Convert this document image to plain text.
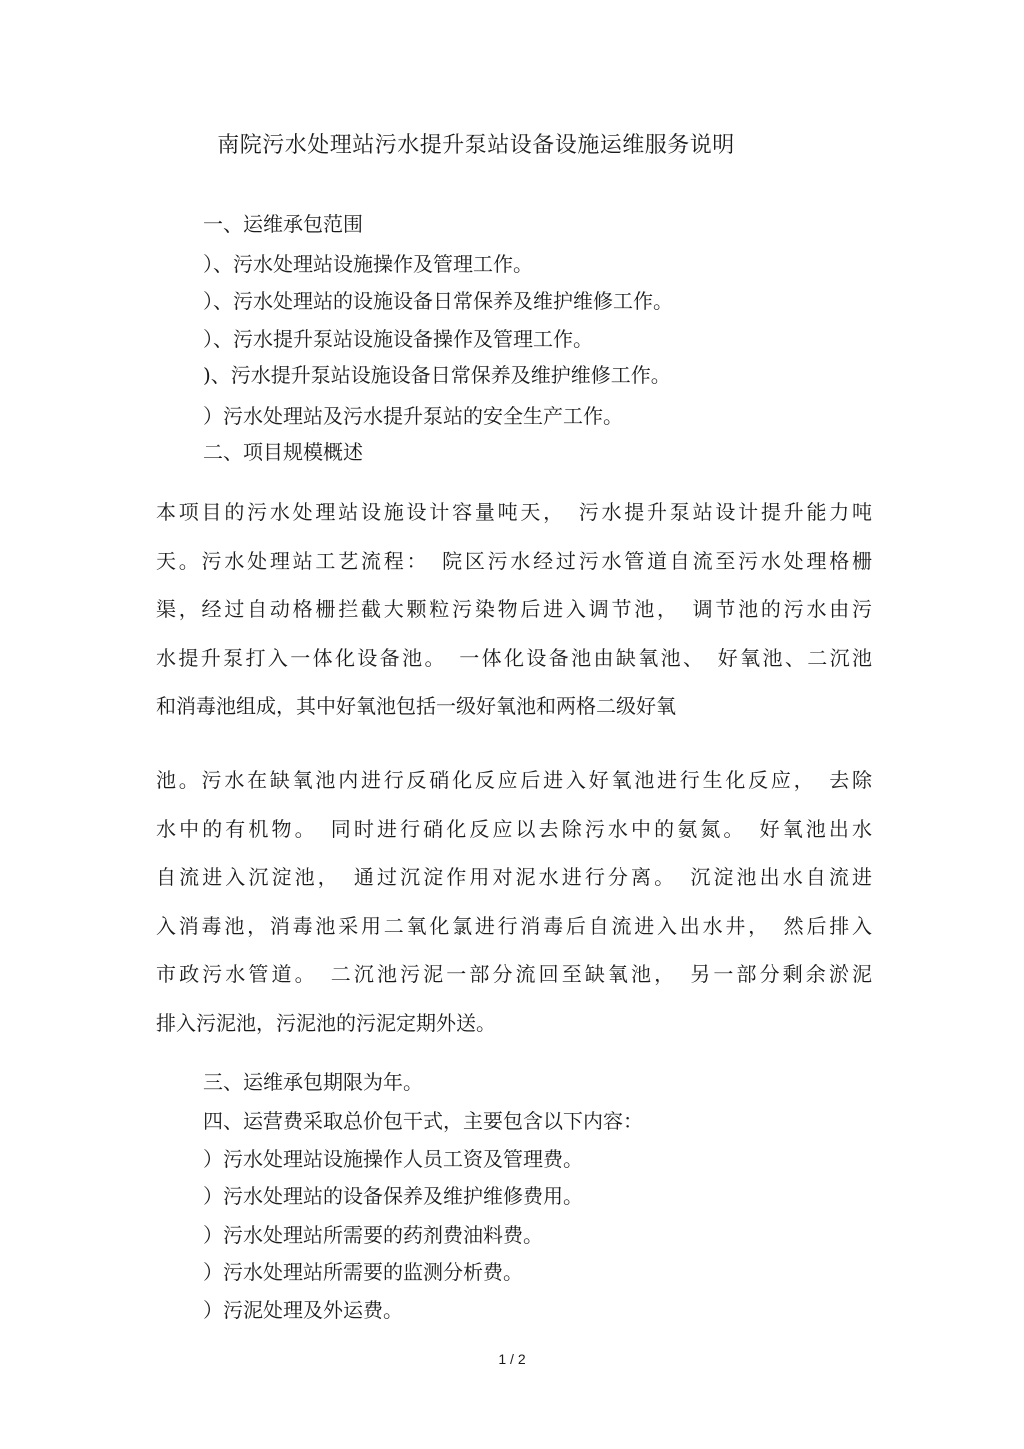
南院污水处理站污水提升泵站设备设施运维服务说明
一、运维承包范围
）、污水处理站设施操作及管理工作。
）、污水处理站的设施设备日常保养及维护维修工作。
）、污水提升泵站设施设备操作及管理工作。
)、污水提升泵站设施设备日常保养及维护维修工作。
）污水处理站及污水提升泵站的安全生产工作。
二、项目规模概述
本项目的污水处理站设施设计容量吨天，　污水提升泵站设计提升能力吨
天。污水处理站工艺流程：　院区污水经过污水管道自流至污水处理格栅
渠，经过自动格栅拦截大颗粒污染物后进入调节池，　调节池的污水由污
水提升泵打入一体化设备池。　一体化设备池由缺氧池、　好氧池、二沉池
和消毒池组成，其中好氧池包括一级好氧池和两格二级好氧
池。污水在缺氧池内进行反硝化反应后进入好氧池进行生化反应，　去除
水中的有机物。　同时进行硝化反应以去除污水中的氨氮。　好氧池出水
自流进入沉淀池，　通过沉淀作用对泥水进行分离。　沉淀池出水自流进
入消毒池，消毒池采用二氧化氯进行消毒后自流进入出水井，　然后排入
市政污水管道。　二沉池污泥一部分流回至缺氧池，　另一部分剩余淤泥
排入污泥池，污泥池的污泥定期外送。
三、运维承包期限为年。
四、运营费采取总价包干式，主要包含以下内容：
）污水处理站设施操作人员工资及管理费。
）污水处理站的设备保养及维护维修费用。
）污水处理站所需要的药剂费油料费。
）污水处理站所需要的监测分析费。
）污泥处理及外运费。
1 / 2
